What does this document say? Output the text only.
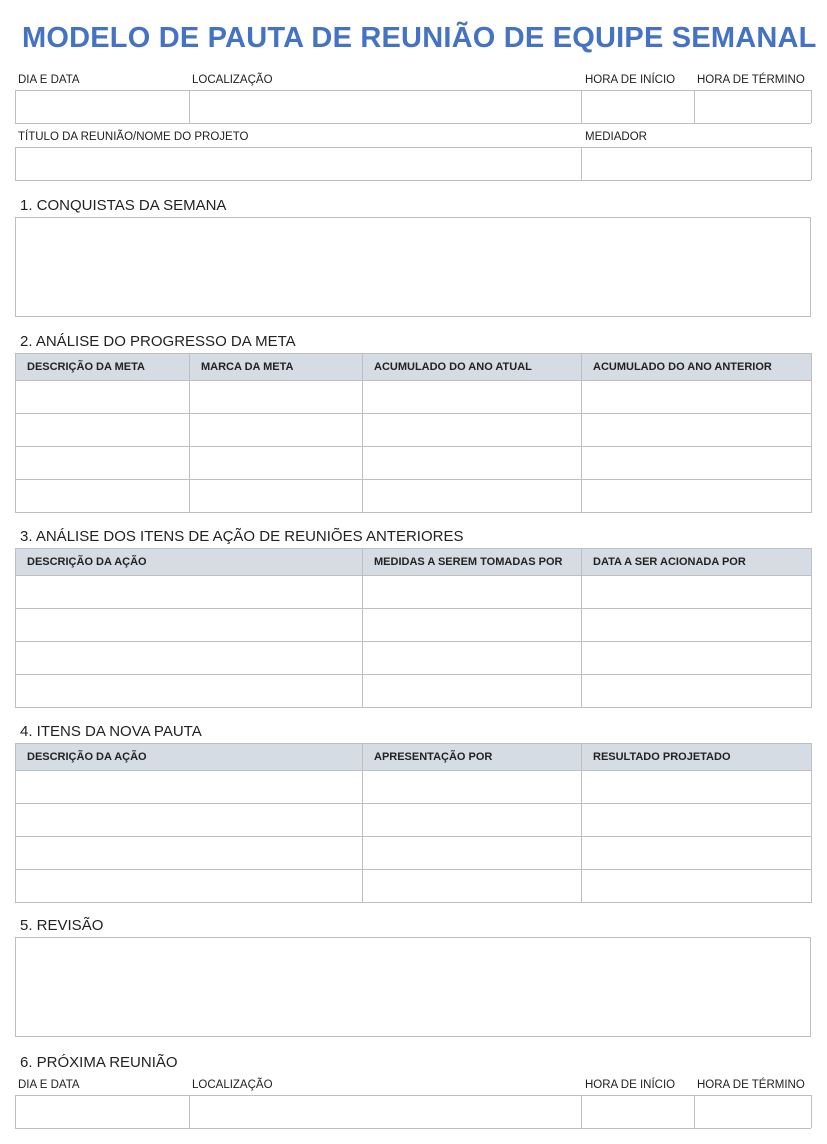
MODELO DE PAUTA DE REUNIÃO DE EQUIPE SEMANAL
DIA E DATA	LOCALIZAÇÃO	HORA DE INÍCIO HORA DE TÉRMINO
TÍTULO DA REUNIÃO/NOME DO PROJETO	MEDIADOR
1. CONQUISTAS DA SEMANA
2. ANÁLISE DO PROGRESSO DA META
DESCRIÇÃO DA META	MARCA DA META	ACUMULADO DO ANO ATUAL	ACUMULADO DO ANO ANTERIOR

3. ANÁLISE DOS ITENS DE AÇÃO DE REUNIÕES ANTERIORES
DESCRIÇÃO DA AÇÃO	MEDIDAS A SEREM TOMADAS POR	DATA A SER ACIONADA POR

4. ITENS DA NOVA PAUTA
DESCRIÇÃO DA AÇÃO	APRESENTAÇÃO POR	RESULTADO PROJETADO

5. REVISÃO
6. PRÓXIMA REUNIÃO
DIA E DATA	LOCALIZAÇÃO	HORA DE INÍCIO HORA DE TÉRMINO
